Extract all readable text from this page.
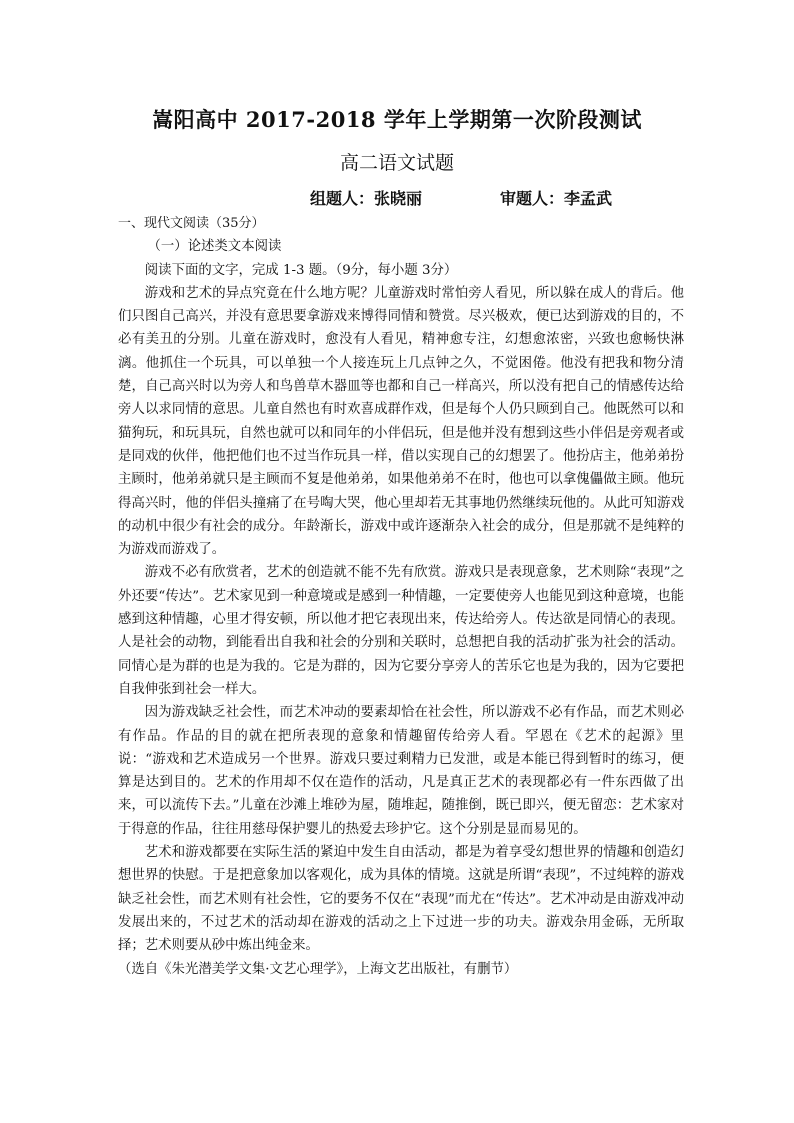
嵩阳高中 2017-2018 学年上学期第一次阶段测试
高二语文试题
组题人：张晓丽	审题人：李孟武

一、现代文阅读（35分）

（一）论述类文本阅读

阅读下面的文字，完成 1-3 题。（9分，每小题 3分）

游戏和艺术的异点究竟在什么地方呢？儿童游戏时常怕旁人看见，所以躲在成人的背后。他们只图自己高兴，并没有意思要拿游戏来博得同情和赞赏。尽兴极欢，便已达到游戏的目的，不必有美丑的分别。儿童在游戏时，愈没有人看见，精神愈专注，幻想愈浓密，兴致也愈畅快淋漓。他抓住一个玩具，可以单独一个人接连玩上几点钟之久，不觉困倦。他没有把我和物分清楚，自己高兴时以为旁人和鸟兽草木器皿等也都和自己一样高兴，所以没有把自己的情感传达给旁人以求同情的意思。儿童自然也有时欢喜成群作戏，但是每个人仍只顾到自己。他既然可以和猫狗玩，和玩具玩，自然也就可以和同年的小伴侣玩，但是他并没有想到这些小伴侣是旁观者或是同戏的伙伴，他把他们也不过当作玩具一样，借以实现自己的幻想罢了。他扮店主，他弟弟扮主顾时，他弟弟就只是主顾而不复是他弟弟，如果他弟弟不在时，他也可以拿傀儡做主顾。他玩得高兴时，他的伴侣头撞痛了在号啕大哭，他心里却若无其事地仍然继续玩他的。从此可知游戏的动机中很少有社会的成分。年龄渐长，游戏中或许逐渐杂入社会的成分，但是那就不是纯粹的为游戏而游戏了。

游戏不必有欣赏者，艺术的创造就不能不先有欣赏。游戏只是表现意象，艺术则除“表现”之外还要“传达”。艺术家见到一种意境或是感到一种情趣，一定要使旁人也能见到这种意境，也能感到这种情趣，心里才得安顿，所以他才把它表现出来，传达给旁人。传达欲是同情心的表现。人是社会的动物，到能看出自我和社会的分别和关联时，总想把自我的活动扩张为社会的活动。同情心是为群的也是为我的。它是为群的，因为它要分享旁人的苦乐它也是为我的，因为它要把自我伸张到社会一样大。

因为游戏缺乏社会性，而艺术冲动的要素却恰在社会性，所以游戏不必有作品，而艺术则必有作品。作品的目的就在把所表现的意象和情趣留传给旁人看。罕恩在《艺术的起源》里说：“游戏和艺术造成另一个世界。游戏只要过剩精力已发泄，或是本能已得到暂时的练习，便算是达到目的。艺术的作用却不仅在造作的活动，凡是真正艺术的表现都必有一件东西做了出来，可以流传下去。”儿童在沙滩上堆砂为屋，随堆起，随推倒，既已即兴，便无留恋：艺术家对于得意的作品，往往用慈母保护婴儿的热爱去珍护它。这个分别是显而易见的。

艺术和游戏都要在实际生活的紧迫中发生自由活动，都是为着享受幻想世界的情趣和创造幻想世界的快慰。于是把意象加以客观化，成为具体的情境。这就是所谓“表现”，不过纯粹的游戏缺乏社会性，而艺术则有社会性，它的要务不仅在“表现”而尤在“传达”。艺术冲动是由游戏冲动发展出来的，不过艺术的活动却在游戏的活动之上下过进一步的功夫。游戏杂用金砾，无所取择；艺术则要从砂中炼出纯金来。

（选自《朱光潜美学文集·文艺心理学》，上海文艺出版社，有删节）
